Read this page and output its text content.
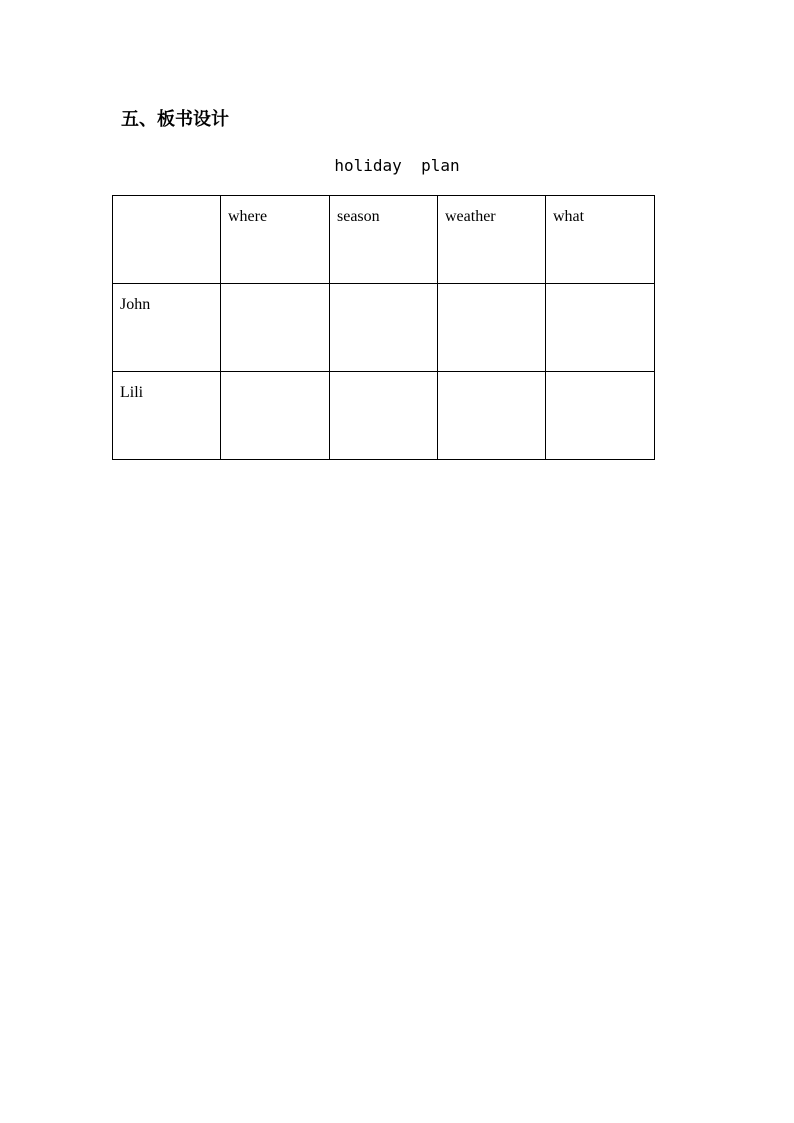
五、板书设计
holiday  plan
	where	season	weather	what
John				
Lili				
